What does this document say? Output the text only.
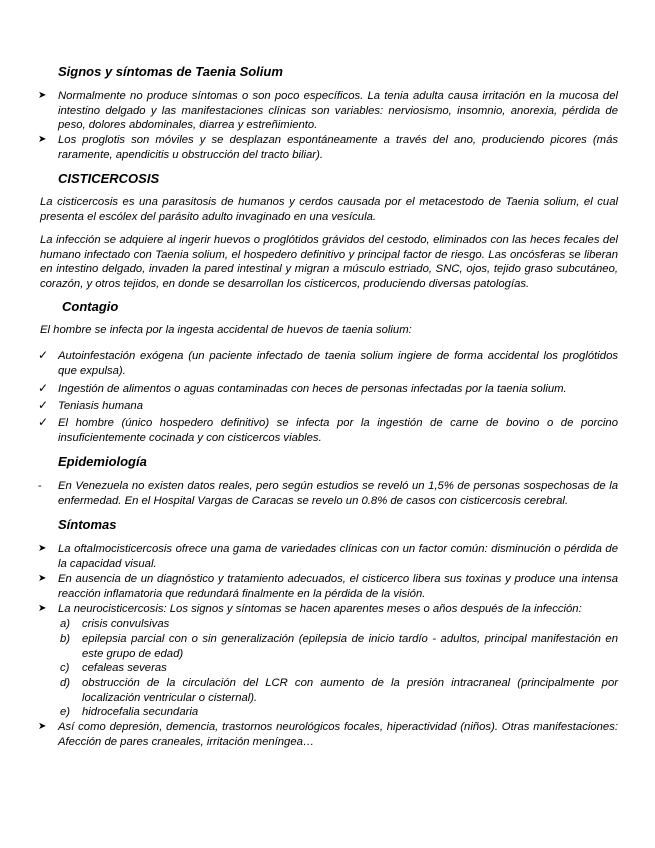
Signos y síntomas de Taenia Solium
➤ Normalmente no produce síntomas o son poco específicos. La tenia adulta causa irritación en la mucosa del intestino delgado y las manifestaciones clínicas son variables: nerviosismo, insomnio, anorexia, pérdida de peso, dolores abdominales, diarrea y estreñimiento.
➤ Los proglotis son móviles y se desplazan espontáneamente a través del ano, produciendo picores (más raramente, apendicitis u obstrucción del tracto biliar).
CISTICERCOSIS
La cisticercosis es una parasitosis de humanos y cerdos causada por el metacestodo de Taenia solium, el cual presenta el escólex del parásito adulto invaginado en una vesícula.
La infección se adquiere al ingerir huevos o proglótidos grávidos del cestodo, eliminados con las heces fecales del humano infectado con Taenia solium, el hospedero definitivo y principal factor de riesgo. Las oncósferas se liberan en intestino delgado, invaden la pared intestinal y migran a músculo estriado, SNC, ojos, tejido graso subcutáneo, corazón, y otros tejidos, en donde se desarrollan los cisticercos, produciendo diversas patologías.
Contagio
El hombre se infecta por la ingesta accidental de huevos de taenia solium:
✓ Autoinfestación exógena (un paciente infectado de taenia solium ingiere de forma accidental los proglótidos que expulsa).
✓ Ingestión de alimentos o aguas contaminadas con heces de personas infectadas por la taenia solium.
✓ Teniasis humana
✓ El hombre (único hospedero definitivo) se infecta por la ingestión de carne de bovino o de porcino insuficientemente cocinada y con cisticercos viables.
Epidemiología
- En Venezuela no existen datos reales, pero según estudios se reveló un 1,5% de personas sospechosas de la enfermedad. En el Hospital Vargas de Caracas se revelo un 0.8% de casos con cisticercosis cerebral.
Síntomas
➤ La oftalmocisticercosis ofrece una gama de variedades clínicas con un factor común: disminución o pérdida de la capacidad visual.
➤ En ausencia de un diagnóstico y tratamiento adecuados, el cisticerco libera sus toxinas y produce una intensa reacción inflamatoria que redundará finalmente en la pérdida de la visión.
➤ La neurocisticercosis: Los signos y síntomas se hacen aparentes meses o años después de la infección:
a) crisis convulsivas
b) epilepsia parcial con o sin generalización (epilepsia de inicio tardío - adultos, principal manifestación en este grupo de edad)
c) cefaleas severas
d) obstrucción de la circulación del LCR con aumento de la presión intracraneal (principalmente por localización ventricular o cisternal).
e) hidrocefalia secundaria
➤ Así como depresión, demencia, trastornos neurológicos focales, hiperactividad (niños). Otras manifestaciones: Afección de pares craneales, irritación meníngea…
